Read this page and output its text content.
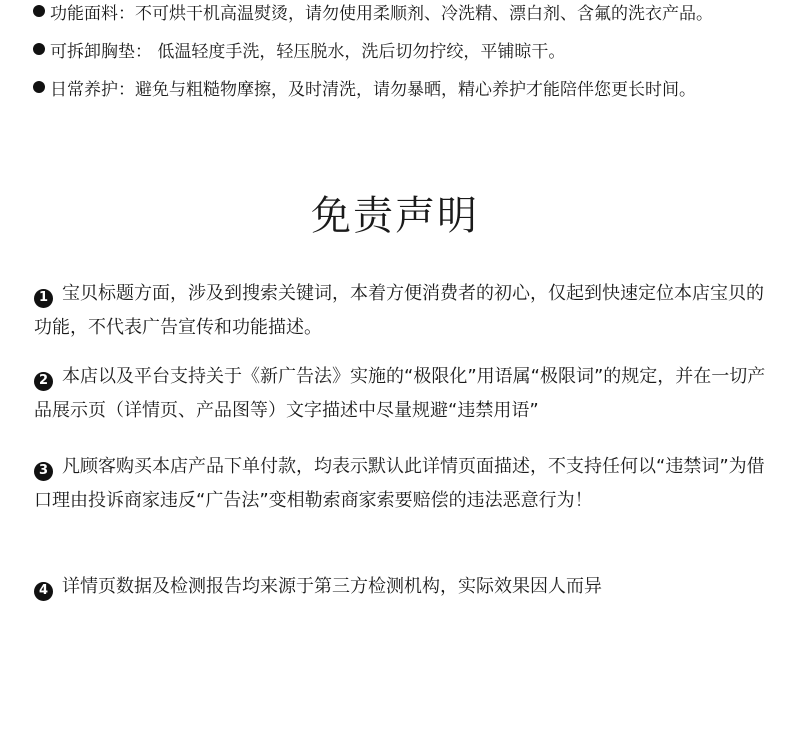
功能面料：不可烘干机高温熨烫，请勿使用柔顺剂、冷洗精、漂白剂、含氟的洗衣产品。
可拆卸胸垫： 低温轻度手洗，轻压脱水，洗后切勿拧绞，平铺晾干。
日常养护：避免与粗糙物摩擦，及时清洗，请勿暴晒，精心养护才能陪伴您更长时间。
免责声明
1 宝贝标题方面，涉及到搜索关键词，本着方便消费者的初心，仅起到快速定位本店宝贝的功能，不代表广告宣传和功能描述。
2 本店以及平台支持关于《新广告法》实施的“极限化”用语属“极限词”的规定，并在一切产品展示页（详情页、产品图等）文字描述中尽量规避“违禁用语”
3 凡顾客购买本店产品下单付款，均表示默认此详情页面描述，不支持任何以“违禁词”为借口理由投诉商家违反“广告法”变相勒索商家索要赔偿的违法恶意行为！
4 详情页数据及检测报告均来源于第三方检测机构，实际效果因人而异
